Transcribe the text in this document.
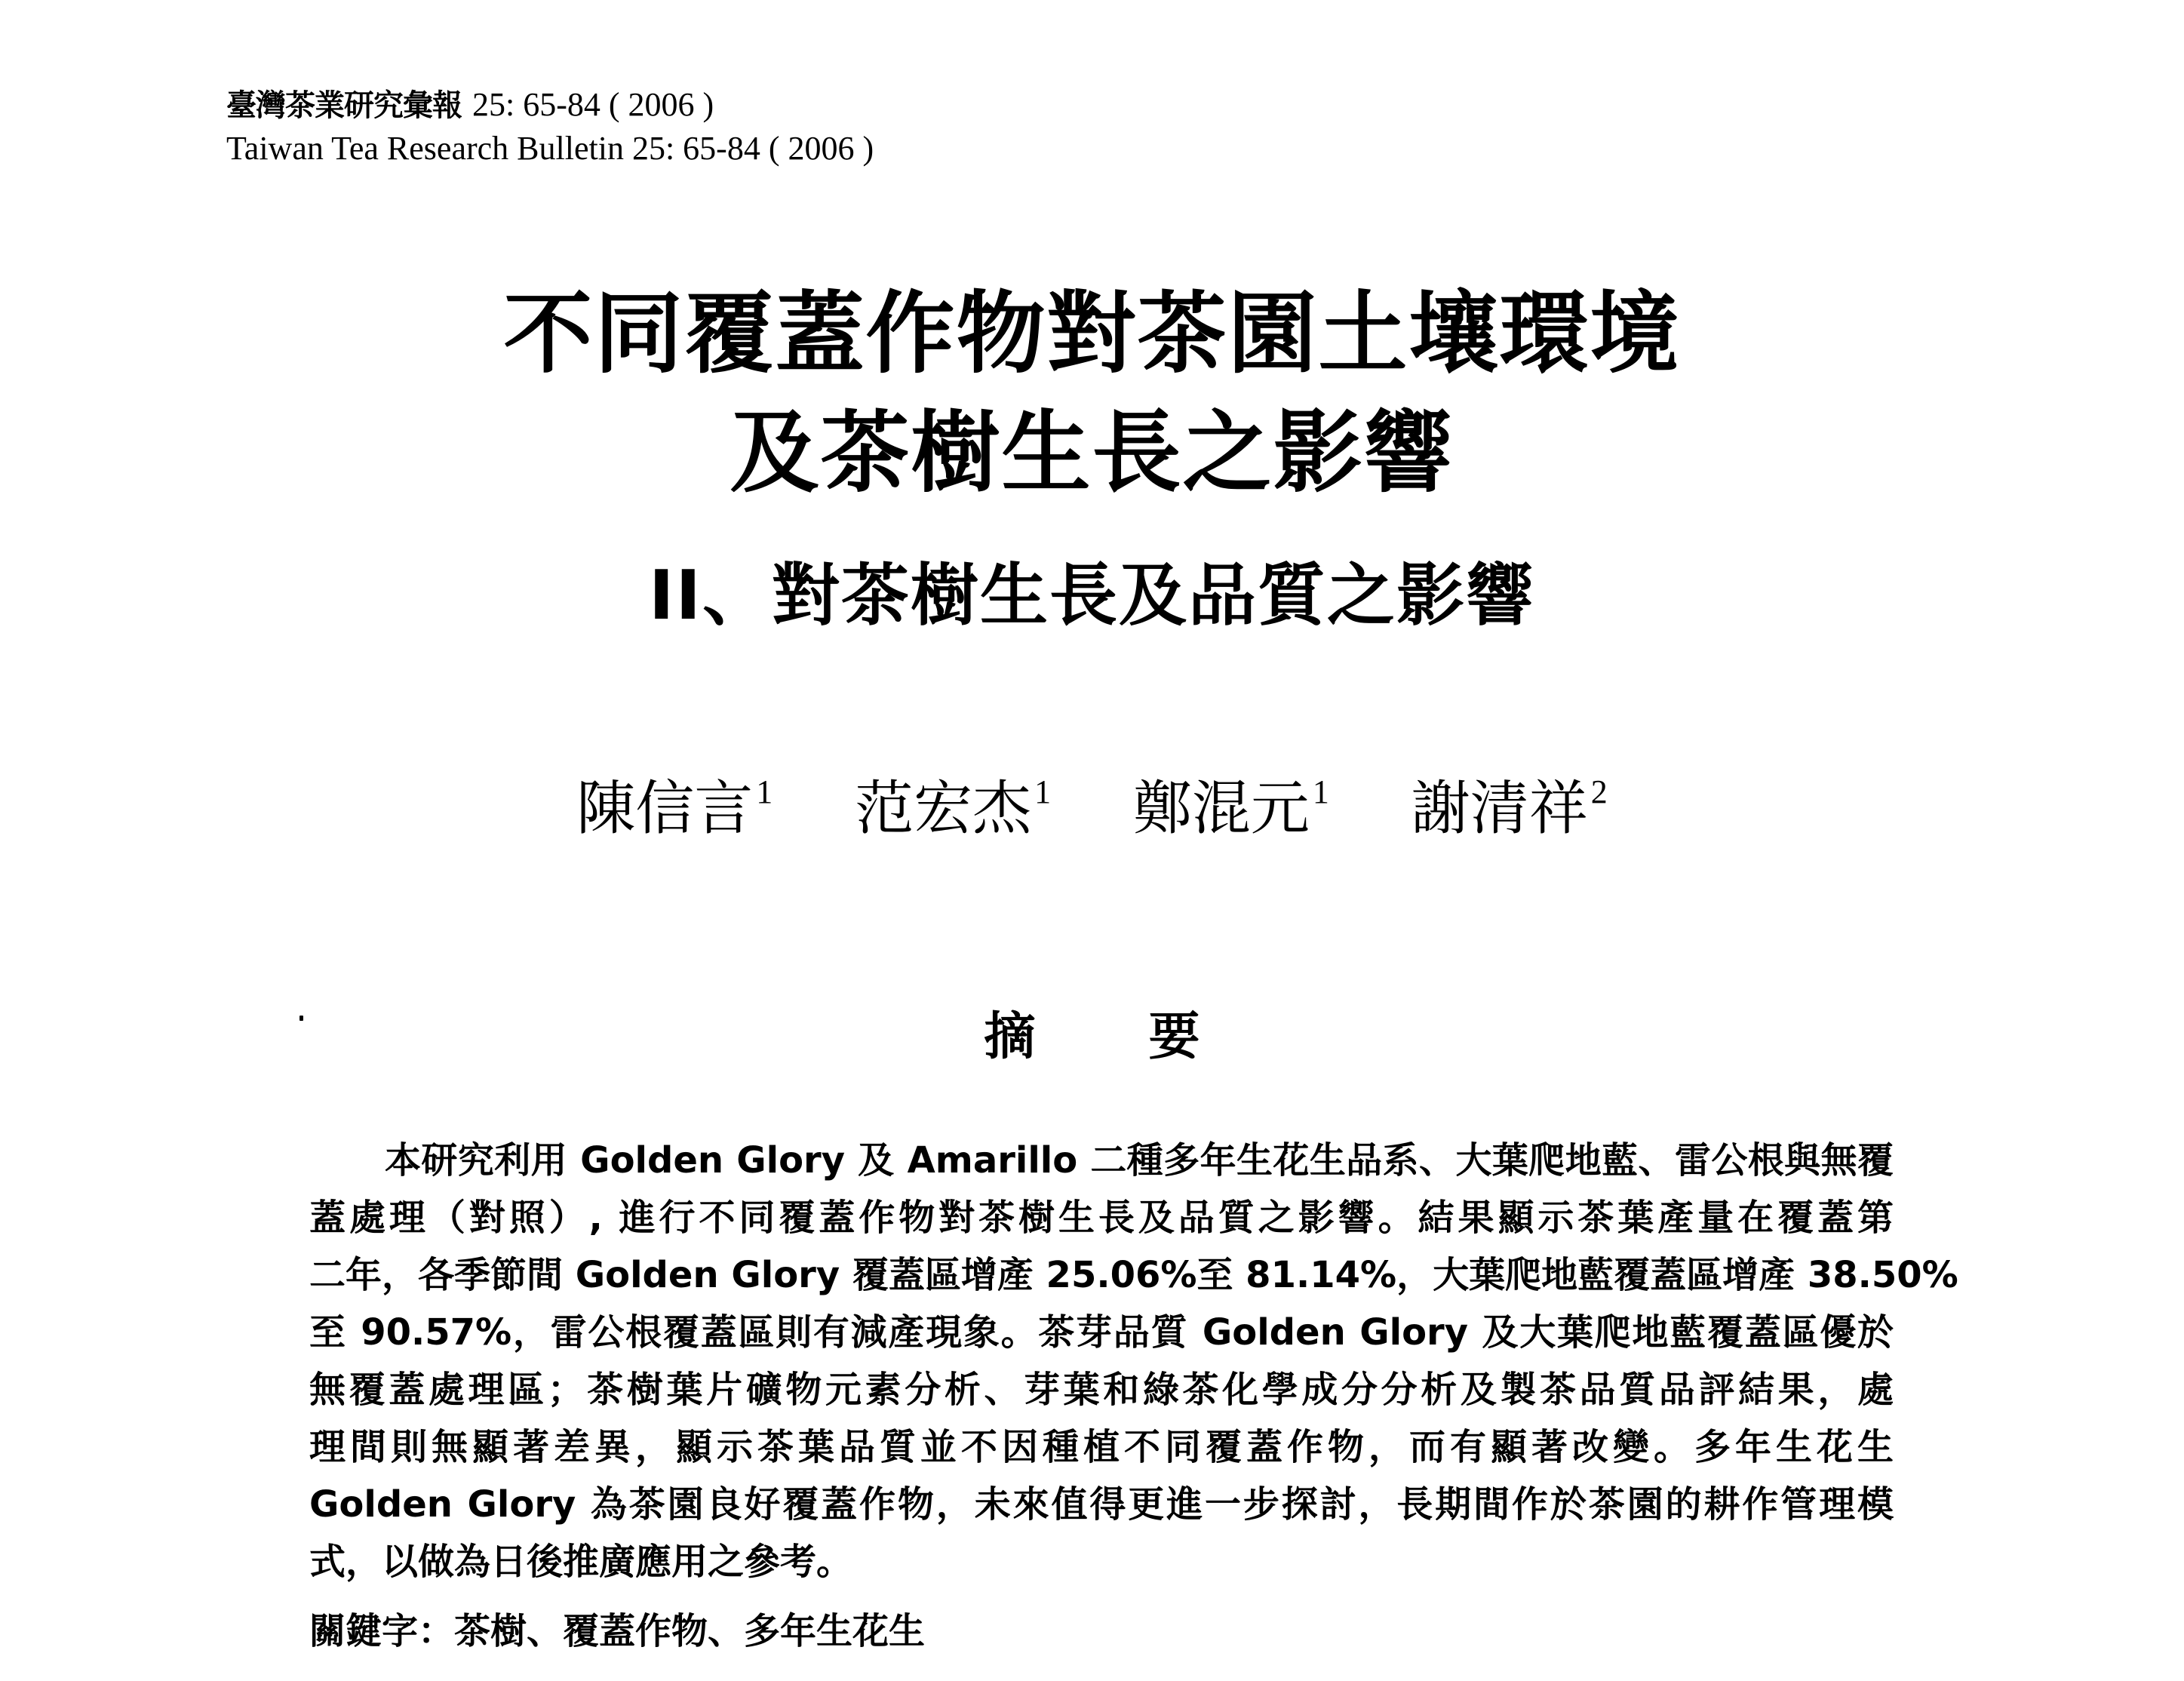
臺灣茶業研究彙報 25: 65-84 ( 2006 )
Taiwan Tea Research Bulletin 25: 65-84 ( 2006 )
不同覆蓋作物對茶園土壤環境
及茶樹生長之影響
II、對茶樹生長及品質之影響
陳信言$^1$ 范宏杰$^1$ 鄭混元$^1$ 謝清祥$^2$
摘 要
本研究利用 Golden Glory 及 Amarillo 二種多年生花生品系、大葉爬地藍、雷公根與無覆
蓋處理（對照）, 進行不同覆蓋作物對茶樹生長及品質之影響。結果顯示茶葉產量在覆蓋第
二年，各季節間 Golden Glory 覆蓋區增產 25.06%至 81.14%，大葉爬地藍覆蓋區增產 38.50%
至 90.57%，雷公根覆蓋區則有減產現象。茶芽品質 Golden Glory 及大葉爬地藍覆蓋區優於
無覆蓋處理區；茶樹葉片礦物元素分析、芽葉和綠茶化學成分分析及製茶品質品評結果，處
理間則無顯著差異，顯示茶葉品質並不因種植不同覆蓋作物，而有顯著改變。多年生花生
Golden Glory 為茶園良好覆蓋作物，未來值得更進一步探討，長期間作於茶園的耕作管理模
式，以做為日後推廣應用之參考。
關鍵字：茶樹、覆蓋作物、多年生花生
